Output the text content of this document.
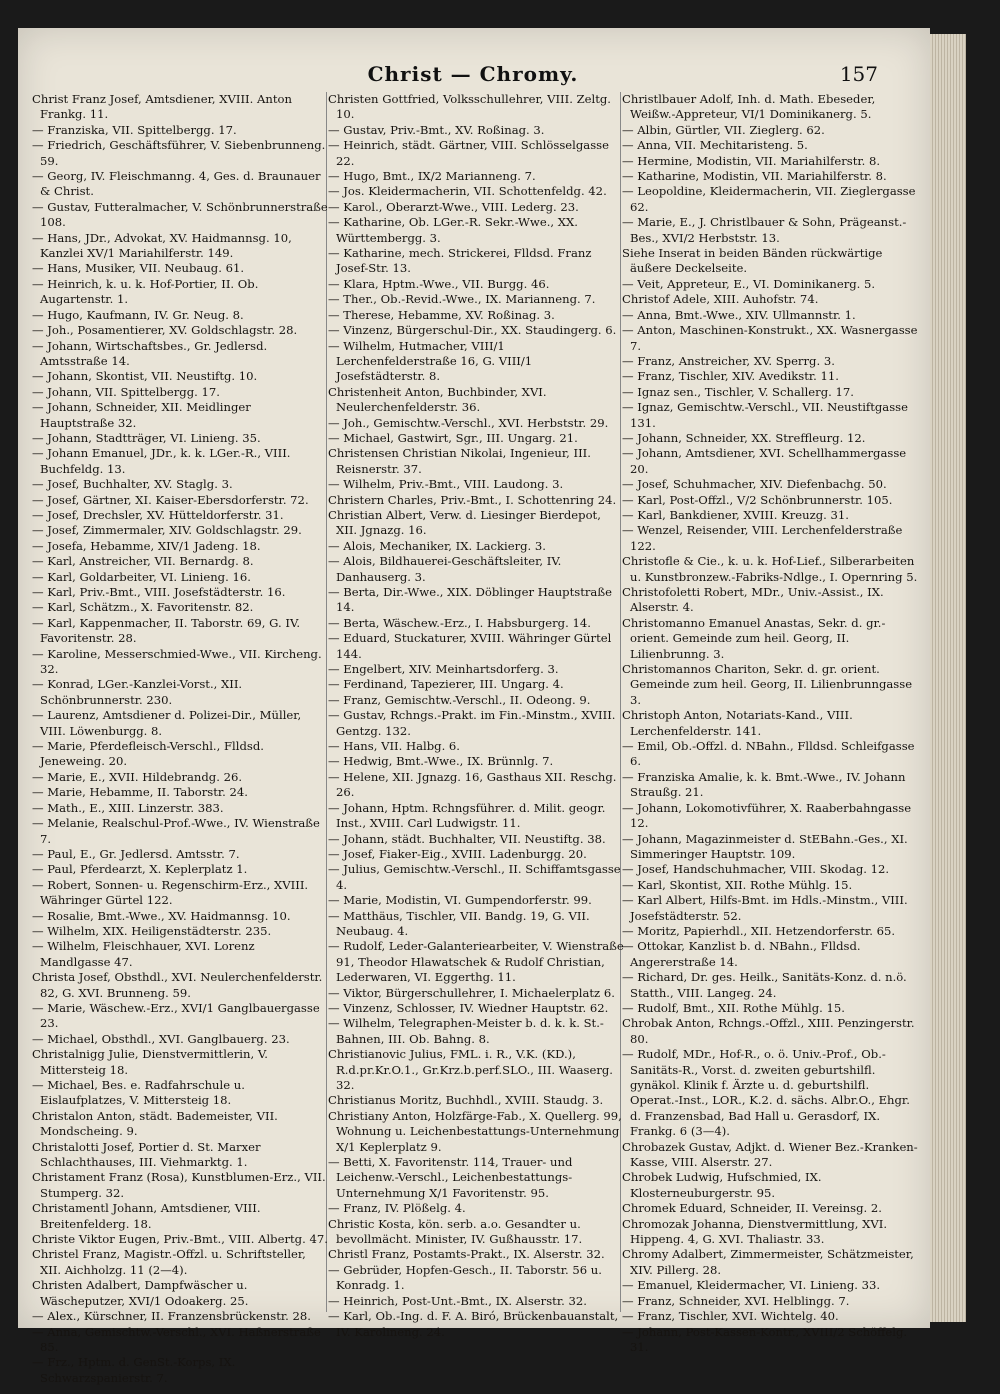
Christ — Chromy.	157
Christ Franz Josef, Amtsdiener, XVIII. Anton Frankg. 11.
— Franziska, VII. Spittelbergg. 17.
— Friedrich, Geschäftsführer, V. Siebenbrunneng. 59.
— Georg, IV. Fleischmanng. 4, Ges. d. Braunauer & Christ.
— Gustav, Futteralmacher, V. Schönbrunnerstraße 108.
— Hans, JDr., Advokat, XV. Haidmannsg. 10, Kanzlei XV/1 Mariahilferstr. 149.
— Hans, Musiker, VII. Neubaug. 61.
— Heinrich, k. u. k. Hof-Portier, II. Ob. Augartenstr. 1.
— Hugo, Kaufmann, IV. Gr. Neug. 8.
— Joh., Posamentierer, XV. Goldschlagstr. 28.
— Johann, Wirtschaftsbes., Gr. Jedlersd. Amtsstraße 14.
— Johann, Skontist, VII. Neustiftg. 10.
— Johann, VII. Spittelbergg. 17.
— Johann, Schneider, XII. Meidlinger Hauptstraße 32.
— Johann, Stadtträger, VI. Linieng. 35.
— Johann Emanuel, JDr., k. k. LGer.-R., VIII. Buchfeldg. 13.
— Josef, Buchhalter, XV. Staglg. 3.
— Josef, Gärtner, XI. Kaiser-Ebersdorferstr. 72.
— Josef, Drechsler, XV. Hütteldorferstr. 31.
— Josef, Zimmermaler, XIV. Goldschlagstr. 29.
— Josefa, Hebamme, XIV/1 Jadeng. 18.
— Karl, Anstreicher, VII. Bernardg. 8.
— Karl, Goldarbeiter, VI. Linieng. 16.
— Karl, Priv.-Bmt., VIII. Josefstädterstr. 16.
— Karl, Schätzm., X. Favoritenstr. 82.
— Karl, Kappenmacher, II. Taborstr. 69, G. IV. Favoritenstr. 28.
— Karoline, Messerschmied-Wwe., VII. Kircheng. 32.
— Konrad, LGer.-Kanzlei-Vorst., XII. Schönbrunnerstr. 230.
— Laurenz, Amtsdiener d. Polizei-Dir., Müller, VIII. Löwenburgg. 8.
— Marie, Pferdefleisch-Verschl., Flldsd. Jeneweing. 20.
— Marie, E., XVII. Hildebrandg. 26.
— Marie, Hebamme, II. Taborstr. 24.
— Math., E., XIII. Linzerstr. 383.
— Melanie, Realschul-Prof.-Wwe., IV. Wienstraße 7.
— Paul, E., Gr. Jedlersd. Amtsstr. 7.
— Paul, Pferdearzt, X. Keplerplatz 1.
— Robert, Sonnen- u. Regenschirm-Erz., XVIII. Währinger Gürtel 122.
— Rosalie, Bmt.-Wwe., XV. Haidmannsg. 10.
— Wilhelm, XIX. Heiligenstädterstr. 235.
— Wilhelm, Fleischhauer, XVI. Lorenz Mandlgasse 47.
Christa Josef, Obsthdl., XVI. Neulerchenfelderstr. 82, G. XVI. Brunneng. 59.
— Marie, Wäschew.-Erz., XVI/1 Ganglbauergasse 23.
— Michael, Obsthdl., XVI. Ganglbauerg. 23.
Christalnigg Julie, Dienstvermittlerin, V. Mittersteig 18.
— Michael, Bes. e. Radfahrschule u. Eislaufplatzes, V. Mittersteig 18.
Christalon Anton, städt. Bademeister, VII. Mondscheing. 9.
Christalotti Josef, Portier d. St. Marxer Schlachthauses, III. Viehmarktg. 1.
Christament Franz (Rosa), Kunstblumen-Erz., VII. Stumperg. 32.
Christamentl Johann, Amtsdiener, VIII. Breitenfelderg. 18.
Christe Viktor Eugen, Priv.-Bmt., VIII. Albertg. 47.
Christel Franz, Magistr.-Offzl. u. Schriftsteller, XII. Aichholzg. 11 (2—4).
Christen Adalbert, Dampfwäscher u. Wäscheputzer, XVI/1 Odoakerg. 25.
— Alex., Kürschner, II. Franzensbrückenstr. 28.
— Anna, Gemischtw.-Verschl., XVI. Haßnerstraße 85.
— Frz., Hptm. d. GenSt.-Korps, IX. Schwarzspanierstr. 7.
Christen Gottfried, Volksschullehrer, VIII. Zeltg. 10.
— Gustav, Priv.-Bmt., XV. Roßinag. 3.
— Heinrich, städt. Gärtner, VIII. Schlösselgasse 22.
— Hugo, Bmt., IX/2 Marianneng. 7.
— Jos. Kleidermacherin, VII. Schottenfeldg. 42.
— Karol., Oberarzt-Wwe., VIII. Lederg. 23.
— Katharine, Ob. LGer.-R. Sekr.-Wwe., XX. Württembergg. 3.
— Katharine, mech. Strickerei, Flldsd. Franz Josef-Str. 13.
— Klara, Hptm.-Wwe., VII. Burgg. 46.
— Ther., Ob.-Revid.-Wwe., IX. Marianneng. 7.
— Therese, Hebamme, XV. Roßinag. 3.
— Vinzenz, Bürgerschul-Dir., XX. Staudingerg. 6.
— Wilhelm, Hutmacher, VIII/1 Lerchenfelderstraße 16, G. VIII/1 Josefstädterstr. 8.
Christenheit Anton, Buchbinder, XVI. Neulerchenfelderstr. 36.
— Joh., Gemischtw.-Verschl., XVI. Herbststr. 29.
— Michael, Gastwirt, Sgr., III. Ungarg. 21.
Christensen Christian Nikolai, Ingenieur, III. Reisnerstr. 37.
— Wilhelm, Priv.-Bmt., VIII. Laudong. 3.
Christern Charles, Priv.-Bmt., I. Schottenring 24.
Christian Albert, Verw. d. Liesinger Bierdepot, XII. Jgnazg. 16.
— Alois, Mechaniker, IX. Lackierg. 3.
— Alois, Bildhauerei-Geschäftsleiter, IV. Danhauserg. 3.
— Berta, Dir.-Wwe., XIX. Döblinger Hauptstraße 14.
— Berta, Wäschew.-Erz., I. Habsburgerg. 14.
— Eduard, Stuckaturer, XVIII. Währinger Gürtel 144.
— Engelbert, XIV. Meinhartsdorferg. 3.
— Ferdinand, Tapezierer, III. Ungarg. 4.
— Franz, Gemischtw.-Verschl., II. Odeong. 9.
— Gustav, Rchngs.-Prakt. im Fin.-Minstm., XVIII. Gentzg. 132.
— Hans, VII. Halbg. 6.
— Hedwig, Bmt.-Wwe., IX. Brünnlg. 7.
— Helene, XII. Jgnazg. 16, Gasthaus XII. Reschg. 26.
— Johann, Hptm. Rchngsführer. d. Milit. geogr. Inst., XVIII. Carl Ludwigstr. 11.
— Johann, städt. Buchhalter, VII. Neustiftg. 38.
— Josef, Fiaker-Eig., XVIII. Ladenburgg. 20.
— Julius, Gemischtw.-Verschl., II. Schiffamtsgasse 4.
— Marie, Modistin, VI. Gumpendorferstr. 99.
— Matthäus, Tischler, VII. Bandg. 19, G. VII. Neubaug. 4.
— Rudolf, Leder-Galanteriearbeiter, V. Wienstraße 91, Theodor Hlawatschek & Rudolf Christian, Lederwaren, VI. Eggerthg. 11.
— Viktor, Bürgerschullehrer, I. Michaelerplatz 6.
— Vinzenz, Schlosser, IV. Wiedner Hauptstr. 62.
— Wilhelm, Telegraphen-Meister b. d. k. k. St.-Bahnen, III. Ob. Bahng. 8.
Christianovic Julius, FML. i. R., V.K. (KD.), R.d.pr.Kr.O.1., Gr.Krz.b.perf.SLO., III. Waaserg. 32.
Christianus Moritz, Buchhdl., XVIII. Staudg. 3.
Christiany Anton, Holzfärge-Fab., X. Quellerg. 99, Wohnung u. Leichenbestattungs-Unternehmung X/1 Keplerplatz 9.
— Betti, X. Favoritenstr. 114, Trauer- und Leichenw.-Verschl., Leichenbestattungs-Unternehmung X/1 Favoritenstr. 95.
— Franz, IV. Plößelg. 4.
Christic Kosta, kön. serb. a.o. Gesandter u. bevollmächt. Minister, IV. Gußhausstr. 17.
Christl Franz, Postamts-Prakt., IX. Alserstr. 32.
— Gebrüder, Hopfen-Gesch., II. Taborstr. 56 u. Konradg. 1.
— Heinrich, Post-Unt.-Bmt., IX. Alserstr. 32.
— Karl, Ob.-Ing. d. F. A. Biró, Brückenbauanstalt, IV. Karolineng. 24.
Christlbauer Adolf, Inh. d. Math. Ebeseder, Weißw.-Appreteur, VI/1 Dominikanerg. 5.
— Albin, Gürtler, VII. Zieglerg. 62.
— Anna, VII. Mechitaristeng. 5.
— Hermine, Modistin, VII. Mariahilferstr. 8.
— Katharine, Modistin, VII. Mariahilferstr. 8.
— Leopoldine, Kleidermacherin, VII. Zieglergasse 62.
— Marie, E., J. Christlbauer & Sohn, Prägeanst.-Bes., XVI/2 Herbststr. 13.
Siehe Inserat in beiden Bänden rückwärtige äußere Deckelseite.
— Veit, Appreteur, E., VI. Dominikanerg. 5.
Christof Adele, XIII. Auhofstr. 74.
— Anna, Bmt.-Wwe., XIV. Ullmannstr. 1.
— Anton, Maschinen-Konstrukt., XX. Wasnergasse 7.
— Franz, Anstreicher, XV. Sperrg. 3.
— Franz, Tischler, XIV. Avedikstr. 11.
— Ignaz sen., Tischler, V. Schallerg. 17.
— Ignaz, Gemischtw.-Verschl., VII. Neustiftgasse 131.
— Johann, Schneider, XX. Streffleurg. 12.
— Johann, Amtsdiener, XVI. Schellhammergasse 20.
— Josef, Schuhmacher, XIV. Diefenbachg. 50.
— Karl, Post-Offzl., V/2 Schönbrunnerstr. 105.
— Karl, Bankdiener, XVIII. Kreuzg. 31.
— Wenzel, Reisender, VIII. Lerchenfelderstraße 122.
Christofle & Cie., k. u. k. Hof-Lief., Silberarbeiten u. Kunstbronzew.-Fabriks-Ndlge., I. Opernring 5.
Christofoletti Robert, MDr., Univ.-Assist., IX. Alserstr. 4.
Christomanno Emanuel Anastas, Sekr. d. gr.-orient. Gemeinde zum heil. Georg, II. Lilienbrunng. 3.
Christomannos Chariton, Sekr. d. gr. orient. Gemeinde zum heil. Georg, II. Lilienbrunngasse 3.
Christoph Anton, Notariats-Kand., VIII. Lerchenfelderstr. 141.
— Emil, Ob.-Offzl. d. NBahn., Flldsd. Schleifgasse 6.
— Franziska Amalie, k. k. Bmt.-Wwe., IV. Johann Straußg. 21.
— Johann, Lokomotivführer, X. Raaberbahngasse 12.
— Johann, Magazinmeister d. StEBahn.-Ges., XI. Simmeringer Hauptstr. 109.
— Josef, Handschuhmacher, VIII. Skodag. 12.
— Karl, Skontist, XII. Rothe Mühlg. 15.
— Karl Albert, Hilfs-Bmt. im Hdls.-Minstm., VIII. Josefstädterstr. 52.
— Moritz, Papierhdl., XII. Hetzendorferstr. 65.
— Ottokar, Kanzlist b. d. NBahn., Flldsd. Angererstraße 14.
— Richard, Dr. ges. Heilk., Sanitäts-Konz. d. n.ö. Statth., VIII. Langeg. 24.
— Rudolf, Bmt., XII. Rothe Mühlg. 15.
Chrobak Anton, Rchngs.-Offzl., XIII. Penzingerstr. 80.
— Rudolf, MDr., Hof-R., o. ö. Univ.-Prof., Ob.-Sanitäts-R., Vorst. d. zweiten geburtshilfl. gynäkol. Klinik f. Ärzte u. d. geburtshilfl. Operat.-Inst., LOR., K.2. d. sächs. Albr.O., Ehgr. d. Franzensbad, Bad Hall u. Gerasdorf, IX. Frankg. 6 (3—4).
Chrobazek Gustav, Adjkt. d. Wiener Bez.-Kranken-Kasse, VIII. Alserstr. 27.
Chrobek Ludwig, Hufschmied, IX. Klosterneuburgerstr. 95.
Chromek Eduard, Schneider, II. Vereinsg. 2.
Chromozak Johanna, Dienstvermittlung, XVI. Hippeng. 4, G. XVI. Thaliastr. 33.
Chromy Adalbert, Zimmermeister, Schätzmeister, XIV. Pillerg. 28.
— Emanuel, Kleidermacher, VI. Linieng. 33.
— Franz, Schneider, XVI. Helblingg. 7.
— Franz, Tischler, XVI. Wichtelg. 40.
— Johann, Post-Kassen-Kontr., XVIII/2 Schöffelg. 31.
